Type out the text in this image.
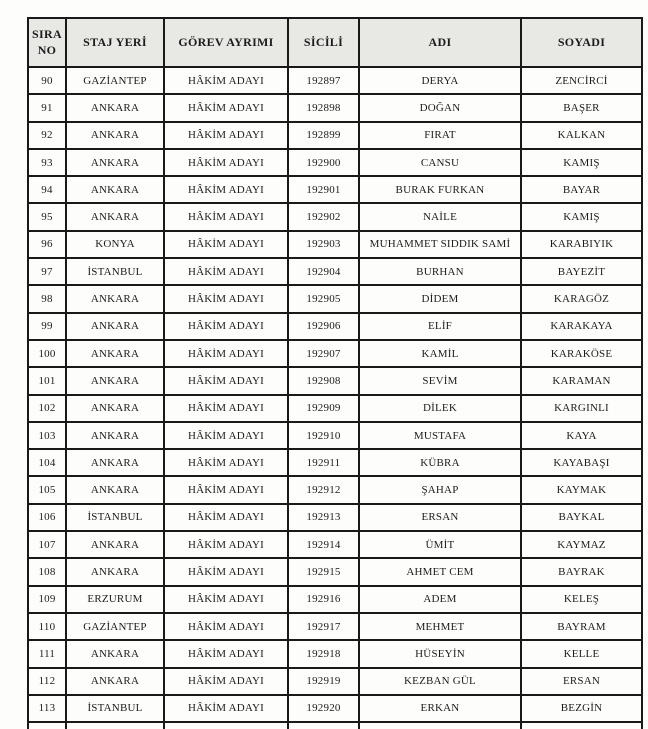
SIRA NO	STAJ YERİ	GÖREV AYRIMI	SİCİLİ	ADI	SOYADI
90	GAZİANTEP	HÂKİM ADAYI	192897	DERYA	ZENCİRCİ
91	ANKARA	HÂKİM ADAYI	192898	DOĞAN	BAŞER
92	ANKARA	HÂKİM ADAYI	192899	FIRAT	KALKAN
93	ANKARA	HÂKİM ADAYI	192900	CANSU	KAMIŞ
94	ANKARA	HÂKİM ADAYI	192901	BURAK FURKAN	BAYAR
95	ANKARA	HÂKİM ADAYI	192902	NAİLE	KAMIŞ
96	KONYA	HÂKİM ADAYI	192903	MUHAMMET SIDDIK SAMİ	KARABIYIK
97	İSTANBUL	HÂKİM ADAYI	192904	BURHAN	BAYEZİT
98	ANKARA	HÂKİM ADAYI	192905	DİDEM	KARAGÖZ
99	ANKARA	HÂKİM ADAYI	192906	ELİF	KARAKAYA
100	ANKARA	HÂKİM ADAYI	192907	KAMİL	KARAKÖSE
101	ANKARA	HÂKİM ADAYI	192908	SEVİM	KARAMAN
102	ANKARA	HÂKİM ADAYI	192909	DİLEK	KARGINLI
103	ANKARA	HÂKİM ADAYI	192910	MUSTAFA	KAYA
104	ANKARA	HÂKİM ADAYI	192911	KÜBRA	KAYABAŞI
105	ANKARA	HÂKİM ADAYI	192912	ŞAHAP	KAYMAK
106	İSTANBUL	HÂKİM ADAYI	192913	ERSAN	BAYKAL
107	ANKARA	HÂKİM ADAYI	192914	ÜMİT	KAYMAZ
108	ANKARA	HÂKİM ADAYI	192915	AHMET CEM	BAYRAK
109	ERZURUM	HÂKİM ADAYI	192916	ADEM	KELEŞ
110	GAZİANTEP	HÂKİM ADAYI	192917	MEHMET	BAYRAM
111	ANKARA	HÂKİM ADAYI	192918	HÜSEYİN	KELLE
112	ANKARA	HÂKİM ADAYI	192919	KEZBAN GÜL	ERSAN
113	İSTANBUL	HÂKİM ADAYI	192920	ERKAN	BEZGİN
